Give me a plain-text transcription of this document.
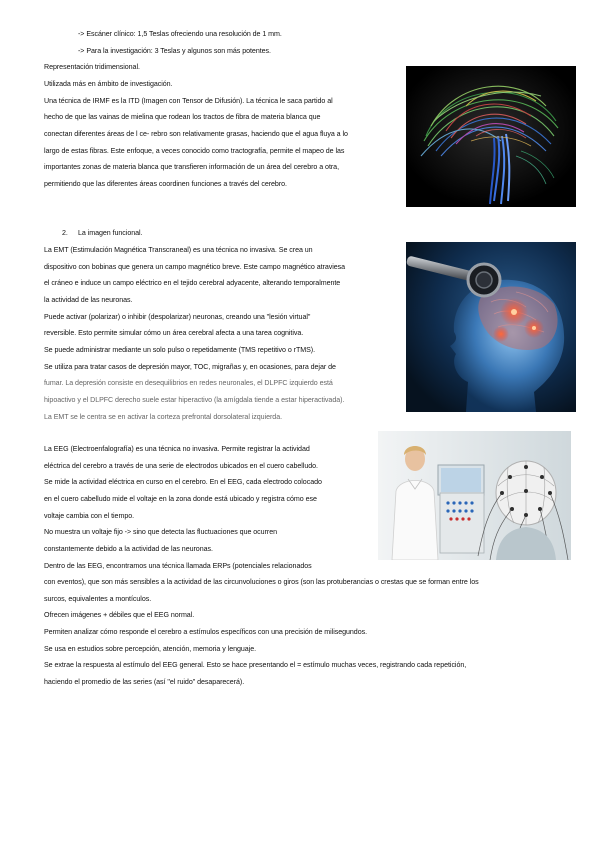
-> Escáner clínico: 1,5 Teslas ofreciendo una resolución de 1 mm.
-> Para la investigación: 3 Teslas y algunos son más potentes.
Representación tridimensional.
Utilizada más en ámbito de investigación.
Una técnica de IRMF es la ITD (Imagen con Tensor de Difusión). La técnica le saca partido al
hecho de que las vainas de mielina que rodean los tractos de fibra de materia blanca que
conectan diferentes áreas de l ce- rebro son relativamente grasas, haciendo que el agua fluya a lo
largo de estas fibras. Este enfoque, a veces conocido como tractografía, permite el mapeo de las
importantes zonas de materia blanca que transfieren información de un área del cerebro a otra,
permitiendo que las diferentes áreas coordinen funciones a través del cerebro.
2. La imagen funcional.
La EMT (Estimulación Magnética Transcraneal) es una técnica no invasiva. Se crea un
dispositivo con bobinas que genera un campo magnético breve. Este campo magnético atraviesa
el cráneo e induce un campo eléctrico en el tejido cerebral adyacente, alterando temporalmente
la actividad de las neuronas.
Puede activar (polarizar) o inhibir (despolarizar) neuronas, creando una "lesión virtual"
reversible. Esto permite simular cómo un área cerebral afecta a una tarea cognitiva.
Se puede administrar mediante un solo pulso o repetidamente (TMS repetitivo o rTMS).
Se utiliza para tratar casos de depresión mayor, TOC, migrañas y, en ocasiones, para dejar de
fumar. La depresión consiste en desequilibrios en redes neuronales, el DLPFC izquierdo está
hipoactivo y el DLPFC derecho suele estar hiperactivo (la amígdala tiende a estar hiperactivada).
La EMT se le centra se en activar la corteza prefrontal dorsolateral izquierda.
La EEG (Electroenfalografía) es una técnica no invasiva. Permite registrar la actividad
eléctrica del cerebro a través de una serie de electrodos ubicados en el cuero cabelludo.
Se mide la actividad eléctrica en curso en el cerebro. En el EEG, cada electrodo colocado
en el cuero cabelludo mide el voltaje en la zona donde está ubicado y registra cómo ese
voltaje cambia con el tiempo.
No muestra un voltaje fijo -> sino que detecta las fluctuaciones que ocurren
constantemente debido a la actividad de las neuronas.
Dentro de las EEG, encontramos una técnica llamada ERPs (potenciales relacionados
con eventos), que son más sensibles a la actividad de las circunvoluciones o giros (son las protuberancias o crestas que se forman entre los
surcos, equivalentes a montículos.
Ofrecen imágenes + débiles que el EEG normal.
Permiten analizar cómo responde el cerebro a estímulos específicos con una precisión de milisegundos.
Se usa en estudios sobre percepción, atención, memoria y lenguaje.
Se extrae la respuesta al estímulo del EEG general. Esto se hace presentando el = estímulo muchas veces, registrando cada repetición,
haciendo el promedio de las series (así "el ruido" desaparecerá).
